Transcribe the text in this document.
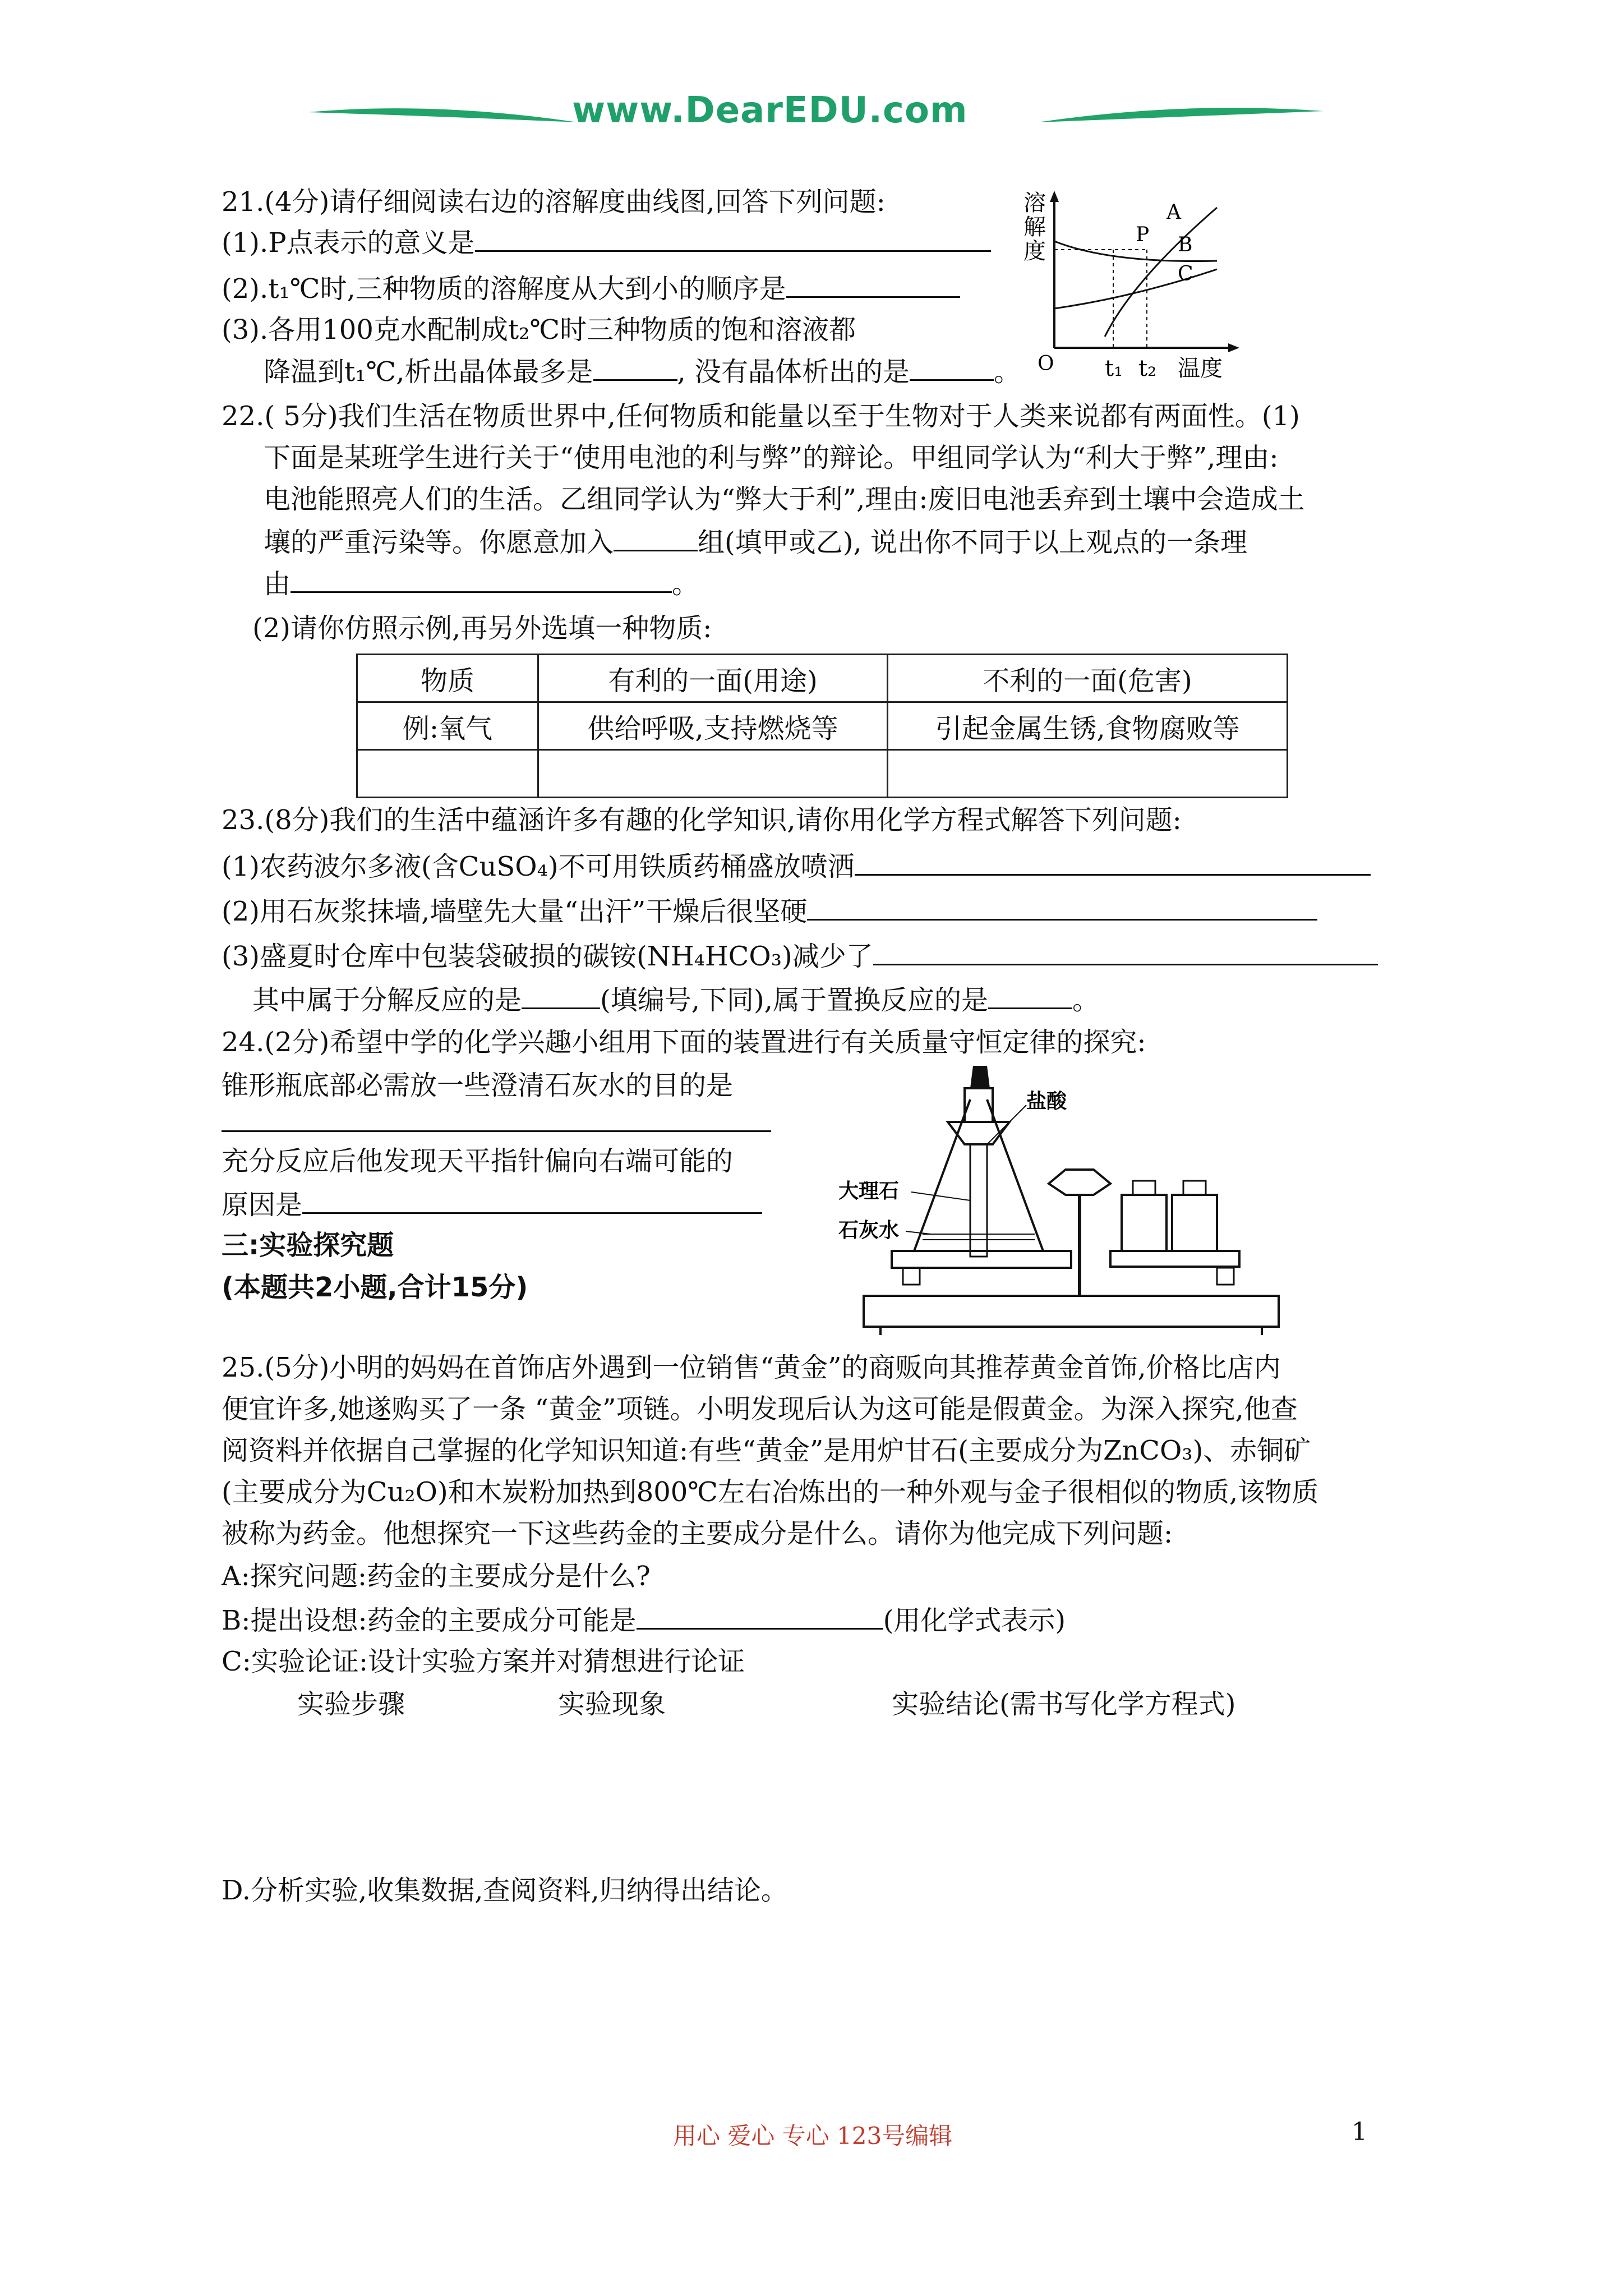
www.DearEDU.com
21.(4分)请仔细阅读右边的溶解度曲线图,回答下列问题:
(1).P点表示的意义是
(2).t₁℃时,三种物质的溶解度从大到小的顺序是
(3).各用100克水配制成t₂℃时三种物质的饱和溶液都
降温到t₁℃,析出晶体最多是	, 没有晶体析出的是	。
溶
解
度
P
A
B
C
O t₁ t₂ 温度
22.( 5分)我们生活在物质世界中,任何物质和能量以至于生物对于人类来说都有两面性。(1)
下面是某班学生进行关于“使用电池的利与弊”的辩论。甲组同学认为“利大于弊”,理由:
电池能照亮人们的生活。乙组同学认为“弊大于利”,理由:废旧电池丢弃到土壤中会造成土
壤的严重污染等。你愿意加入	组(填甲或乙), 说出你不同于以上观点的一条理
由	。
(2)请你仿照示例,再另外选填一种物质:
物质	有利的一面(用途)	不利的一面(危害)
例:氧气	供给呼吸,支持燃烧等	引起金属生锈,食物腐败等

23.(8分)我们的生活中蕴涵许多有趣的化学知识,请你用化学方程式解答下列问题:
(1)农药波尔多液(含CuSO₄)不可用铁质药桶盛放喷洒
(2)用石灰浆抹墙,墙壁先大量“出汗”干燥后很坚硬
(3)盛夏时仓库中包装袋破损的碳铵(NH₄HCO₃)减少了
其中属于分解反应的是	(填编号,下同),属于置换反应的是	。
24.(2分)希望中学的化学兴趣小组用下面的装置进行有关质量守恒定律的探究:
锥形瓶底部必需放一些澄清石灰水的目的是
充分反应后他发现天平指针偏向右端可能的
原因是
盐酸
大理石
石灰水
三:实验探究题
(本题共2小题,合计15分)
25.(5分)小明的妈妈在首饰店外遇到一位销售“黄金”的商贩向其推荐黄金首饰,价格比店内
便宜许多,她遂购买了一条 “黄金”项链。小明发现后认为这可能是假黄金。为深入探究,他查
阅资料并依据自己掌握的化学知识知道:有些“黄金”是用炉甘石(主要成分为ZnCO₃)、赤铜矿
(主要成分为Cu₂O)和木炭粉加热到800℃左右冶炼出的一种外观与金子很相似的物质,该物质
被称为药金。他想探究一下这些药金的主要成分是什么。请你为他完成下列问题:
A:探究问题:药金的主要成分是什么?
B:提出设想:药金的主要成分可能是	(用化学式表示)
C:实验论证:设计实验方案并对猜想进行论证
实验步骤	实验现象	实验结论(需书写化学方程式)
D.分析实验,收集数据,查阅资料,归纳得出结论。
用心 爱心 专心 123号编辑	1
